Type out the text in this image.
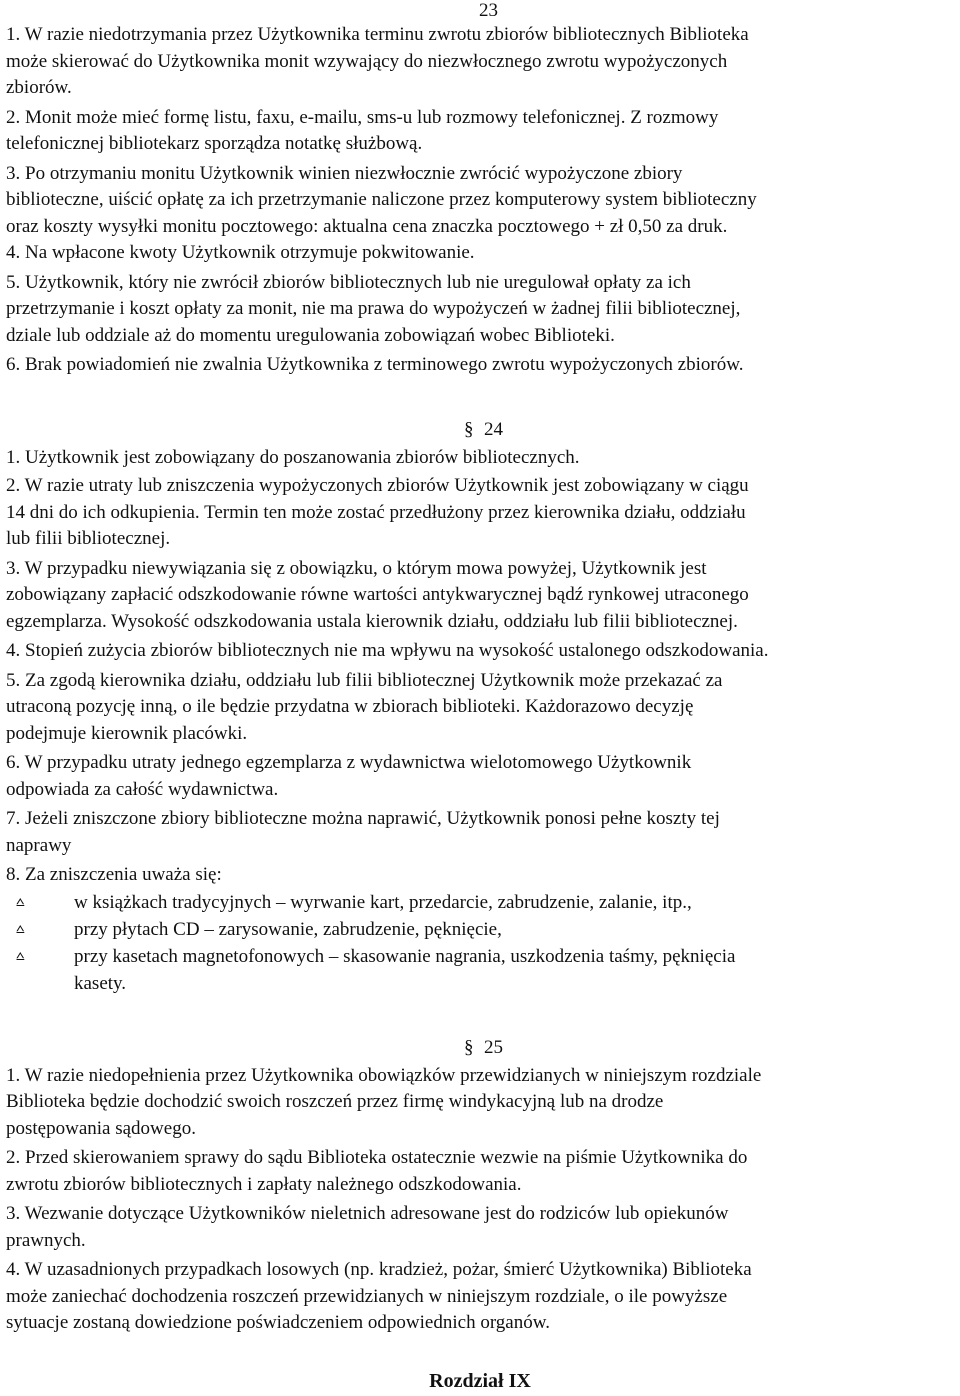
23
1. W razie niedotrzymania przez Użytkownika terminu zwrotu zbiorów bibliotecznych Biblioteka
może skierować do Użytkownika monit wzywający do niezwłocznego zwrotu wypożyczonych
zbiorów.
2. Monit może mieć formę listu, faxu, e-mailu, sms-u lub rozmowy telefonicznej. Z rozmowy
telefonicznej bibliotekarz sporządza notatkę służbową.
3. Po otrzymaniu monitu Użytkownik winien niezwłocznie zwrócić wypożyczone zbiory
biblioteczne, uiścić opłatę za ich przetrzymanie naliczone przez komputerowy system biblioteczny
oraz koszty wysyłki monitu pocztowego: aktualna cena znaczka pocztowego + zł 0,50 za druk.
4. Na wpłacone kwoty Użytkownik otrzymuje pokwitowanie.
5. Użytkownik, który nie zwrócił zbiorów bibliotecznych lub nie uregulował opłaty za ich
przetrzymanie i koszt opłaty za monit, nie ma prawa do wypożyczeń w żadnej filii bibliotecznej,
dziale lub oddziale aż do momentu uregulowania zobowiązań wobec Biblioteki.
6. Brak powiadomień nie zwalnia Użytkownika z terminowego zwrotu wypożyczonych zbiorów.
§ 24
1. Użytkownik jest zobowiązany do poszanowania zbiorów bibliotecznych.
2. W razie utraty lub zniszczenia wypożyczonych zbiorów Użytkownik jest zobowiązany w ciągu
14 dni do ich odkupienia. Termin ten może zostać przedłużony przez kierownika działu, oddziału
lub filii bibliotecznej.
3. W przypadku niewywiązania się z obowiązku, o którym mowa powyżej, Użytkownik jest
zobowiązany zapłacić odszkodowanie równe wartości antykwarycznej bądź rynkowej utraconego
egzemplarza. Wysokość odszkodowania ustala kierownik działu, oddziału lub filii bibliotecznej.
4. Stopień zużycia zbiorów bibliotecznych nie ma wpływu na wysokość ustalonego odszkodowania.
5. Za zgodą kierownika działu, oddziału lub filii bibliotecznej Użytkownik może przekazać za
utraconą pozycję inną, o ile będzie przydatna w zbiorach biblioteki. Każdorazowo decyzję
podejmuje kierownik placówki.
6. W przypadku utraty jednego egzemplarza z wydawnictwa wielotomowego Użytkownik
odpowiada za całość wydawnictwa.
7. Jeżeli zniszczone zbiory biblioteczne można naprawić, Użytkownik ponosi pełne koszty tej
naprawy
8. Za zniszczenia uważa się:
⩟	w książkach tradycyjnych – wyrwanie kart, przedarcie, zabrudzenie, zalanie, itp.,
⩟	przy płytach CD – zarysowanie, zabrudzenie, pęknięcie,
⩟	przy kasetach magnetofonowych – skasowanie nagrania, uszkodzenia taśmy, pęknięcia
kasety.
§ 25
1. W razie niedopełnienia przez Użytkownika obowiązków przewidzianych w niniejszym rozdziale
Biblioteka będzie dochodzić swoich roszczeń przez firmę windykacyjną lub na drodze
postępowania sądowego.
2. Przed skierowaniem sprawy do sądu Biblioteka ostatecznie wezwie na piśmie Użytkownika do
zwrotu zbiorów bibliotecznych i zapłaty należnego odszkodowania.
3. Wezwanie dotyczące Użytkowników nieletnich adresowane jest do rodziców lub opiekunów
prawnych.
4. W uzasadnionych przypadkach losowych (np. kradzież, pożar, śmierć Użytkownika) Biblioteka
może zaniechać dochodzenia roszczeń przewidzianych w niniejszym rozdziale, o ile powyższe
sytuacje zostaną dowiedzione poświadczeniem odpowiednich organów.
Rozdział IX
